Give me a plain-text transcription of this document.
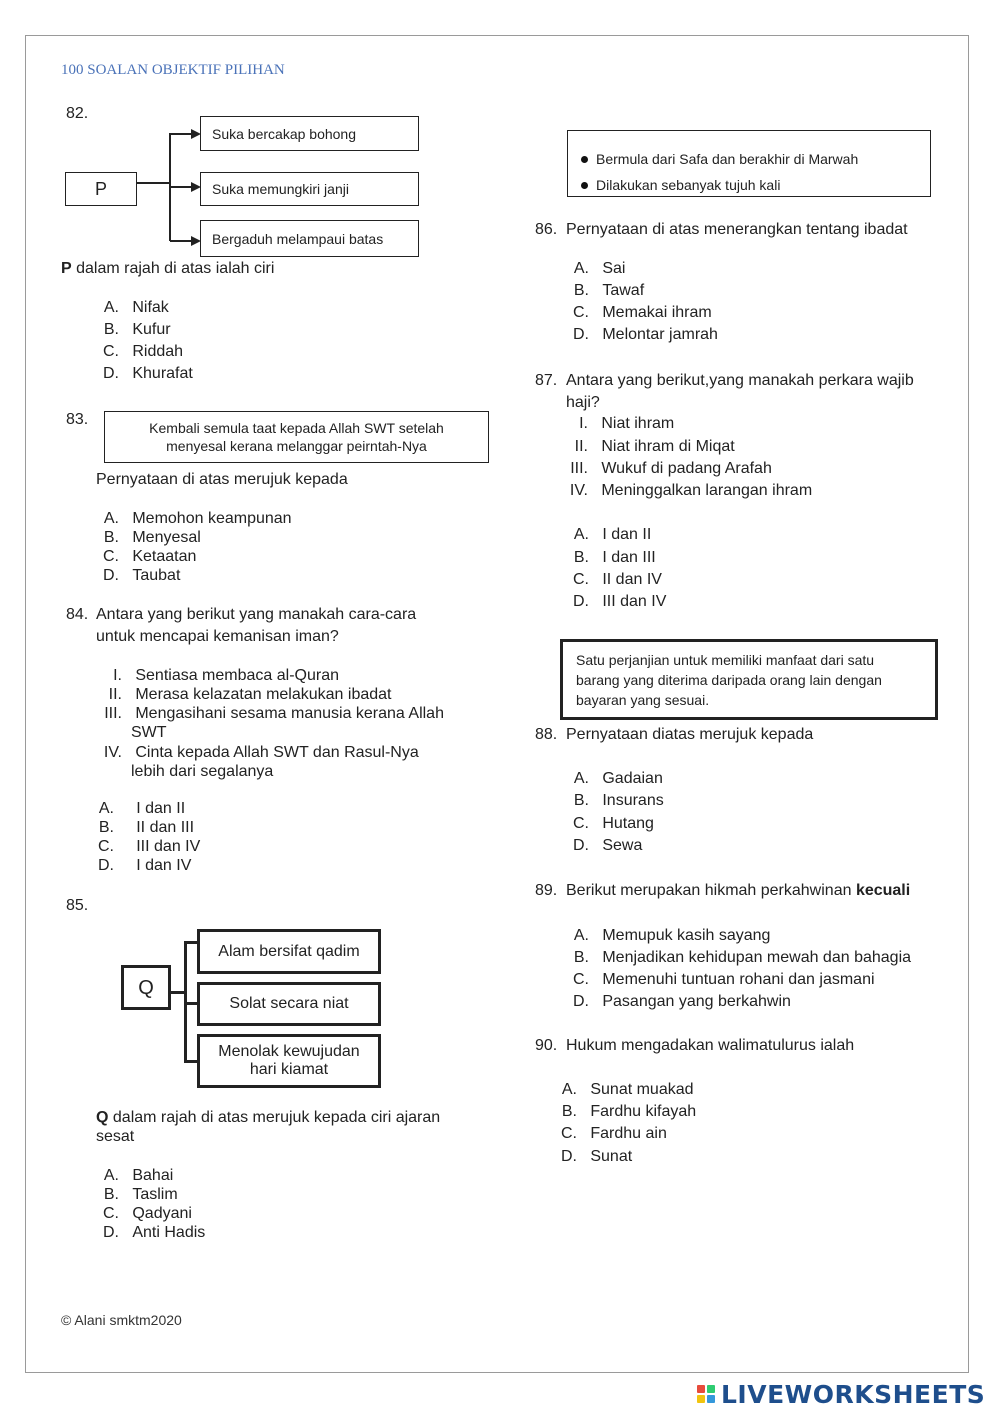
100 SOALAN OBJEKTIF PILIHAN
82.
P
Suka bercakap bohong
Suka memungkiri janji
Bergaduh melampaui batas
P dalam rajah di atas ialah ciri
A. Nifak
B. Kufur
C. Riddah
D. Khurafat
83.	Kembali semula taat kepada Allah SWT setelah
menyesal kerana melanggar peirntah-Nya
Pernyataan di atas merujuk kepada
A. Memohon keampunan
B. Menyesal
C. Ketaatan
D. Taubat
84. Antara yang berikut yang manakah cara-cara
untuk mencapai kemanisan iman?
I. Sentiasa membaca al-Quran
II. Merasa kelazatan melakukan ibadat
III. Mengasihani sesama manusia kerana Allah
SWT
IV. Cinta kepada Allah SWT dan Rasul-Nya
lebih dari segalanya
A. I dan II
B. II dan III
C. III dan IV
D. I dan IV
85.
Q
Alam bersifat qadim
Solat secara niat
Menolak kewujudan
hari kiamat
Q dalam rajah di atas merujuk kepada ciri ajaran
sesat
A. Bahai
B. Taslim
C. Qadyani
D. Anti Hadis
Bermula dari Safa dan berakhir di Marwah
Dilakukan sebanyak tujuh kali
86. Pernyataan di atas menerangkan tentang ibadat
A. Sai
B. Tawaf
C. Memakai ihram
D. Melontar jamrah
87. Antara yang berikut,yang manakah perkara wajib
haji?
I. Niat ihram
II. Niat ihram di Miqat
III. Wukuf di padang Arafah
IV. Meninggalkan larangan ihram
A. I dan II
B. I dan III
C. II dan IV
D. III dan IV
Satu perjanjian untuk memiliki manfaat dari satu
barang yang diterima daripada orang lain dengan
bayaran yang sesuai.
88. Pernyataan diatas merujuk kepada
A. Gadaian
B. Insurans
C. Hutang
D. Sewa
89. Berikut merupakan hikmah perkahwinan kecuali
A. Memupuk kasih sayang
B. Menjadikan kehidupan mewah dan bahagia
C. Memenuhi tuntuan rohani dan jasmani
D. Pasangan yang berkahwin
90. Hukum mengadakan walimatulurus ialah
A. Sunat muakad
B. Fardhu kifayah
C. Fardhu ain
D. Sunat
© Alani smktm2020
LIVEWORKSHEETS
